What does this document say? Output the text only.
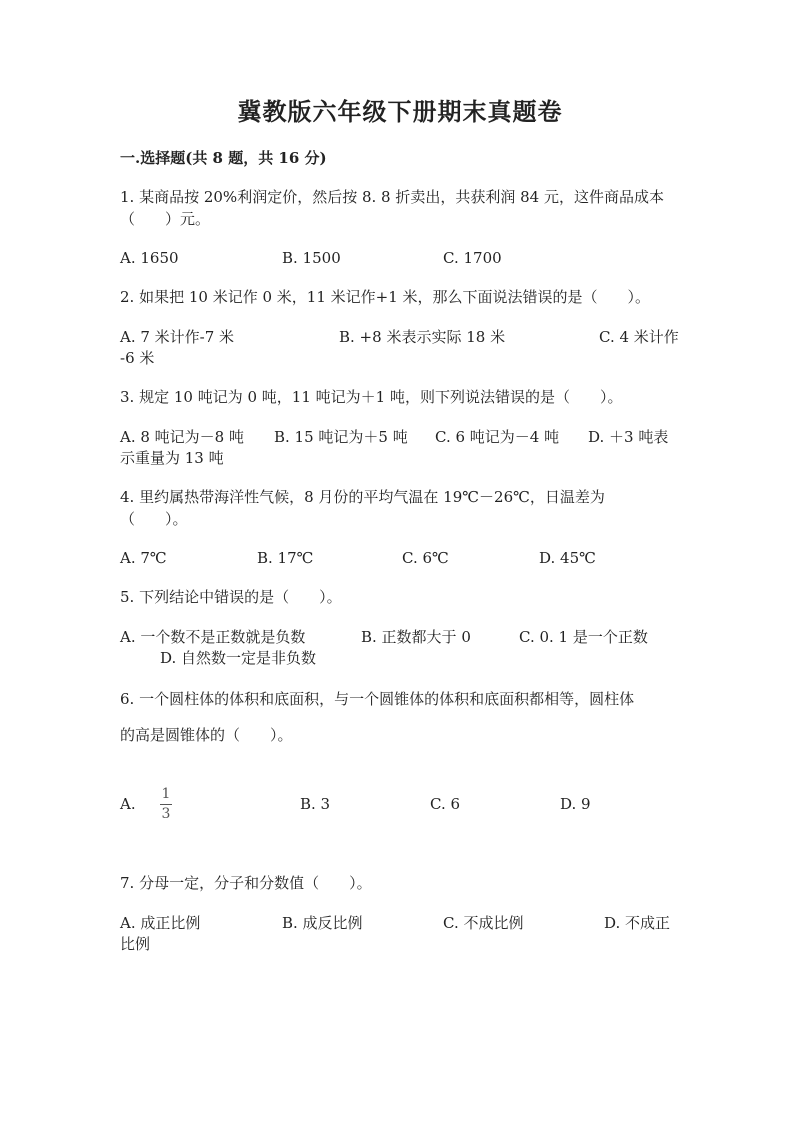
冀教版六年级下册期末真题卷
一.选择题(共 8 题，共 16 分)
1. 某商品按 20%利润定价，然后按 8. 8 折卖出，共获利润 84 元，这件商品成本
（　　）元。
A. 1650	B. 1500	C. 1700
2. 如果把 10 米记作 0 米，11 米记作+1 米，那么下面说法错误的是（　　）。
A. 7 米计作-7 米	B. +8 米表示实际 18 米	C. 4 米计作
-6 米
3. 规定 10 吨记为 0 吨，11 吨记为＋1 吨，则下列说法错误的是（　　）。
A. 8 吨记为－8 吨 B. 15 吨记为＋5 吨 C. 6 吨记为－4 吨 D. ＋3 吨表
示重量为 13 吨
4. 里约属热带海洋性气候，8 月份的平均气温在 19℃－26℃，日温差为
（　　）。
A. 7℃	B. 17℃	C. 6℃	D. 45℃
5. 下列结论中错误的是（　　）。
A. 一个数不是正数就是负数	B. 正数都大于 0	C. 0. 1 是一个正数
D. 自然数一定是非负数
6. 一个圆柱体的体积和底面积，与一个圆锥体的体积和底面积都相等，圆柱体
的高是圆锥体的（　　）。
A.
1
3
B. 3	C. 6	D. 9
7. 分母一定，分子和分数值（　　）。
A. 成正比例	B. 成反比例	C. 不成比例	D. 不成正
比例
